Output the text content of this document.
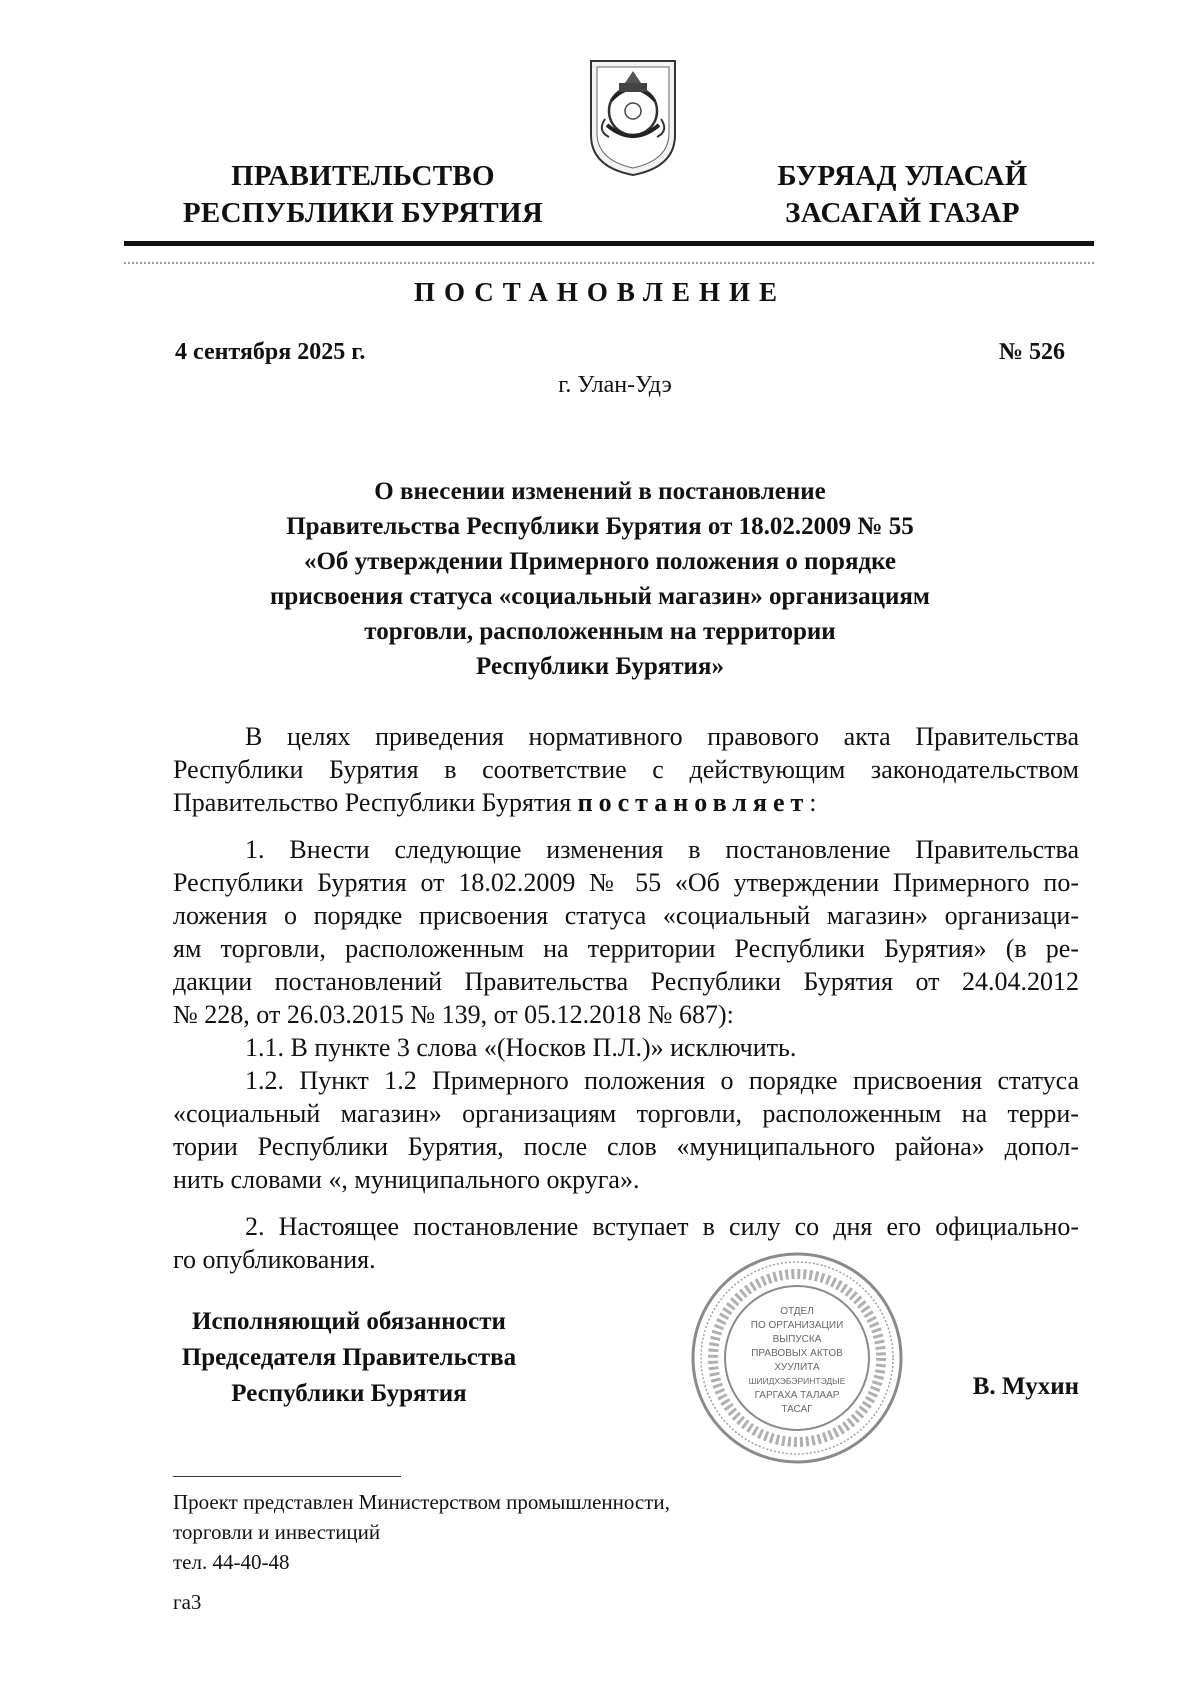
ПРАВИТЕЛЬСТВО
РЕСПУБЛИКИ БУРЯТИЯ
БУРЯАД УЛАСАЙ
ЗАСАГАЙ ГАЗАР
ПОСТАНОВЛЕНИЕ
4 сентября 2025 г.	№ 526
г. Улан-Удэ
О внесении изменений в постановление
Правительства Республики Бурятия от 18.02.2009 № 55
«Об утверждении Примерного положения о порядке
присвоения статуса «социальный магазин» организациям
торговли, расположенным на территории
Республики Бурятия»
В целях приведения нормативного правового акта Правительства
Республики Бурятия в соответствие с действующим законодательством
Правительство Республики Бурятия постановляет:
1. Внести следующие изменения в постановление Правительства
Республики Бурятия от 18.02.2009 № 55 «Об утверждении Примерного по-
ложения о порядке присвоения статуса «социальный магазин» организаци-
ям торговли, расположенным на территории Республики Бурятия» (в ре-
дакции постановлений Правительства Республики Бурятия от 24.04.2012
№ 228, от 26.03.2015 № 139, от 05.12.2018 № 687):
1.1. В пункте 3 слова «(Носков П.Л.)» исключить.
1.2. Пункт 1.2 Примерного положения о порядке присвоения статуса
«социальный магазин» организациям торговли, расположенным на терри-
тории Республики Бурятия, после слов «муниципального района» допол-
нить словами «, муниципального округа».
2. Настоящее постановление вступает в силу со дня его официально-
го опубликования.
Исполняющий обязанности
Председателя Правительства
Республики Бурятия
ОТДЕЛ
ПО ОРГАНИЗАЦИИ
ВЫПУСКА
ПРАВОВЫХ АКТОВ
ХУУЛИТА
ШИИДХЭБЭРИНТЭДЫЕ
ГАРГАХА ТАЛААР
ТАСАГ
В. Мухин
Проект представлен Министерством промышленности,
торговли и инвестиций
тел. 44-40-48
га3
